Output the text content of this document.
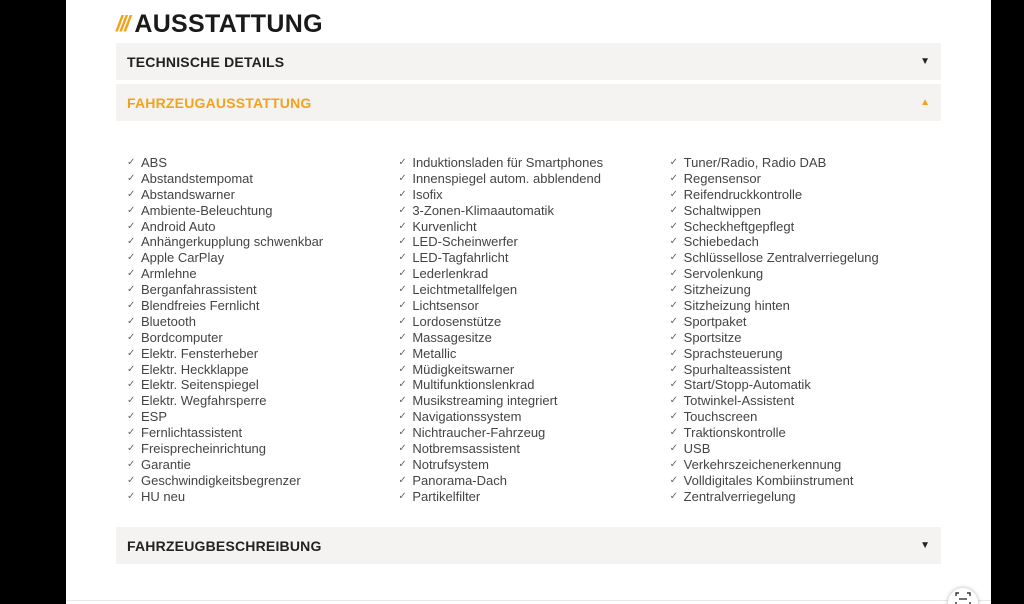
/// AUSSTATTUNG
TECHNISCHE DETAILS	▼
FAHRZEUGAUSSTATTUNG	▲
✓ ABS
✓ Abstandstempomat
✓ Abstandswarner
✓ Ambiente-Beleuchtung
✓ Android Auto
✓ Anhängerkupplung schwenkbar
✓ Apple CarPlay
✓ Armlehne
✓ Berganfahrassistent
✓ Blendfreies Fernlicht
✓ Bluetooth
✓ Bordcomputer
✓ Elektr. Fensterheber
✓ Elektr. Heckklappe
✓ Elektr. Seitenspiegel
✓ Elektr. Wegfahrsperre
✓ ESP
✓ Fernlichtassistent
✓ Freisprecheinrichtung
✓ Garantie
✓ Geschwindigkeitsbegrenzer
✓ HU neu
✓ Induktionsladen für Smartphones
✓ Innenspiegel autom. abblendend
✓ Isofix
✓ 3-Zonen-Klimaautomatik
✓ Kurvenlicht
✓ LED-Scheinwerfer
✓ LED-Tagfahrlicht
✓ Lederlenkrad
✓ Leichtmetallfelgen
✓ Lichtsensor
✓ Lordosenstütze
✓ Massagesitze
✓ Metallic
✓ Müdigkeitswarner
✓ Multifunktionslenkrad
✓ Musikstreaming integriert
✓ Navigationssystem
✓ Nichtraucher-Fahrzeug
✓ Notbremsassistent
✓ Notrufsystem
✓ Panorama-Dach
✓ Partikelfilter
✓ Tuner/Radio, Radio DAB
✓ Regensensor
✓ Reifendruckkontrolle
✓ Schaltwippen
✓ Scheckheftgepflegt
✓ Schiebedach
✓ Schlüssellose Zentralverriegelung
✓ Servolenkung
✓ Sitzheizung
✓ Sitzheizung hinten
✓ Sportpaket
✓ Sportsitze
✓ Sprachsteuerung
✓ Spurhalteassistent
✓ Start/Stopp-Automatik
✓ Totwinkel-Assistent
✓ Touchscreen
✓ Traktionskontrolle
✓ USB
✓ Verkehrszeichenerkennung
✓ Volldigitales Kombiinstrument
✓ Zentralverriegelung
FAHRZEUGBESCHREIBUNG	▼
